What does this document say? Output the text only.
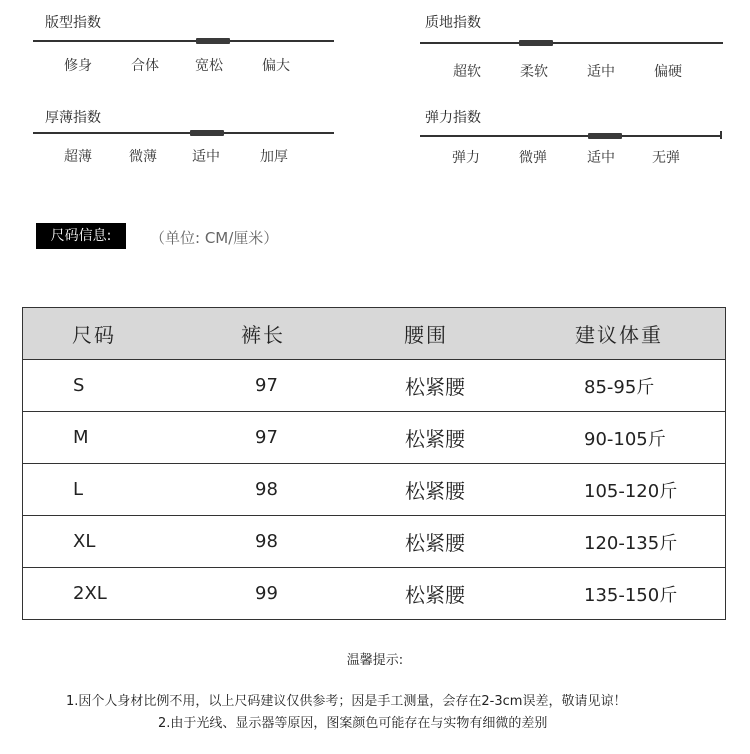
版型指数
修身	合体	宽松	偏大
质地指数
超软	柔软	适中	偏硬
厚薄指数
超薄	微薄	适中	加厚
弹力指数
弹力	微弹	适中	无弹
尺码信息:	（单位: CM/厘米）
尺码	裤长	腰围	建议体重
S	97	松紧腰	85-95斤
M	97	松紧腰	90-105斤
L	98	松紧腰	105-120斤
XL	98	松紧腰	120-135斤
2XL	99	松紧腰	135-150斤
温馨提示:
1.因个人身材比例不用，以上尺码建议仅供参考；因是手工测量，会存在2-3cm误差，敬请见谅！
2.由于光线、显示器等原因，图案颜色可能存在与实物有细微的差别
